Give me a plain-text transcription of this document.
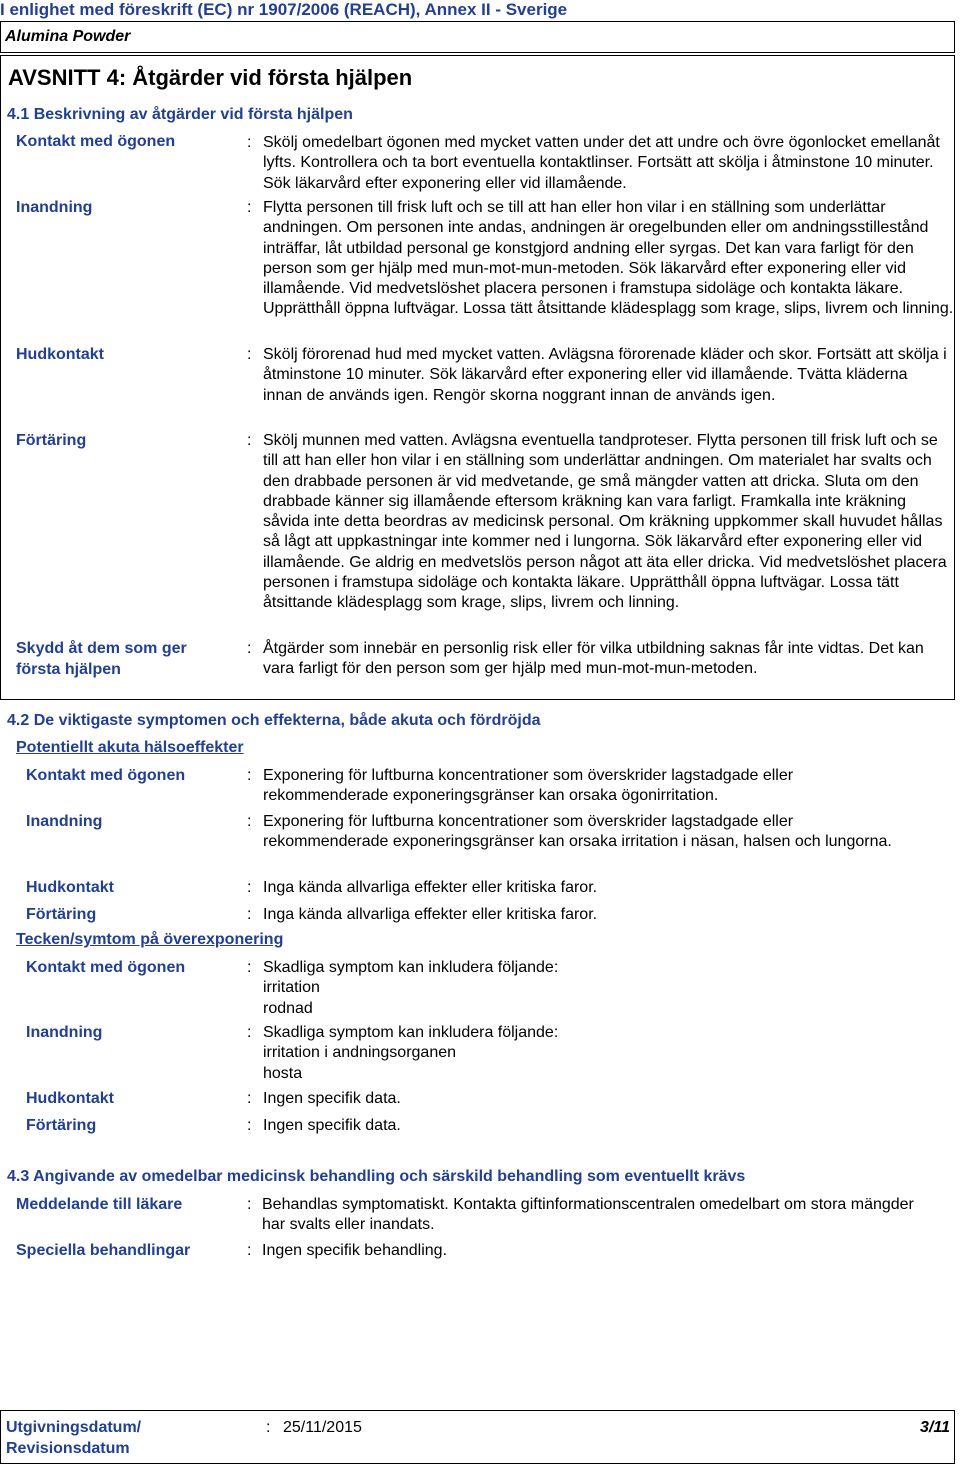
I enlighet med föreskrift (EC) nr 1907/2006 (REACH), Annex II - Sverige
Alumina Powder
AVSNITT 4: Åtgärder vid första hjälpen
4.1 Beskrivning av åtgärder vid första hjälpen
Kontakt med ögonen	: Skölj omedelbart ögonen med mycket vatten under det att undre och övre ögonlocket emellanåt lyfts. Kontrollera och ta bort eventuella kontaktlinser. Fortsätt att skölja i åtminstone 10 minuter. Sök läkarvård efter exponering eller vid illamående.
Inandning	: Flytta personen till frisk luft och se till att han eller hon vilar i en ställning som underlättar andningen. Om personen inte andas, andningen är oregelbunden eller om andningsstillestånd inträffar, låt utbildad personal ge konstgjord andning eller syrgas. Det kan vara farligt för den person som ger hjälp med mun-mot-mun-metoden. Sök läkarvård efter exponering eller vid illamående. Vid medvetslöshet placera personen i framstupa sidoläge och kontakta läkare. Upprätthåll öppna luftvägar. Lossa tätt åtsittande klädesplagg som krage, slips, livrem och linning.
Hudkontakt	: Skölj förorenad hud med mycket vatten. Avlägsna förorenade kläder och skor. Fortsätt att skölja i åtminstone 10 minuter. Sök läkarvård efter exponering eller vid illamående. Tvätta kläderna innan de används igen. Rengör skorna noggrant innan de används igen.
Förtäring	: Skölj munnen med vatten. Avlägsna eventuella tandproteser. Flytta personen till frisk luft och se till att han eller hon vilar i en ställning som underlättar andningen. Om materialet har svalts och den drabbade personen är vid medvetande, ge små mängder vatten att dricka. Sluta om den drabbade känner sig illamående eftersom kräkning kan vara farligt. Framkalla inte kräkning såvida inte detta beordras av medicinsk personal. Om kräkning uppkommer skall huvudet hållas så lågt att uppkastningar inte kommer ned i lungorna. Sök läkarvård efter exponering eller vid illamående. Ge aldrig en medvetslös person något att äta eller dricka. Vid medvetslöshet placera personen i framstupa sidoläge och kontakta läkare. Upprätthåll öppna luftvägar. Lossa tätt åtsittande klädesplagg som krage, slips, livrem och linning.
Skydd åt dem som ger första hjälpen
: Åtgärder som innebär en personlig risk eller för vilka utbildning saknas får inte vidtas. Det kan vara farligt för den person som ger hjälp med mun-mot-mun-metoden.
4.2 De viktigaste symptomen och effekterna, både akuta och fördröjda
Potentiellt akuta hälsoeffekter
Kontakt med ögonen	: Exponering för luftburna koncentrationer som överskrider lagstadgade eller rekommenderade exponeringsgränser kan orsaka ögonirritation.
Inandning	: Exponering för luftburna koncentrationer som överskrider lagstadgade eller rekommenderade exponeringsgränser kan orsaka irritation i näsan, halsen och lungorna.
Hudkontakt	: Inga kända allvarliga effekter eller kritiska faror.
Förtäring	: Inga kända allvarliga effekter eller kritiska faror.
Tecken/symtom på överexponering
Kontakt med ögonen	: Skadliga symptom kan inkludera följande:
irritation
rodnad
Inandning	: Skadliga symptom kan inkludera följande:
irritation i andningsorganen
hosta
Hudkontakt	: Ingen specifik data.
Förtäring	: Ingen specifik data.
4.3 Angivande av omedelbar medicinsk behandling och särskild behandling som eventuellt krävs
Meddelande till läkare	: Behandlas symptomatiskt. Kontakta giftinformationscentralen omedelbart om stora mängder har svalts eller inandats.
Speciella behandlingar	: Ingen specifik behandling.
Utgivningsdatum/ Revisionsdatum
: 25/11/2015	3/11
